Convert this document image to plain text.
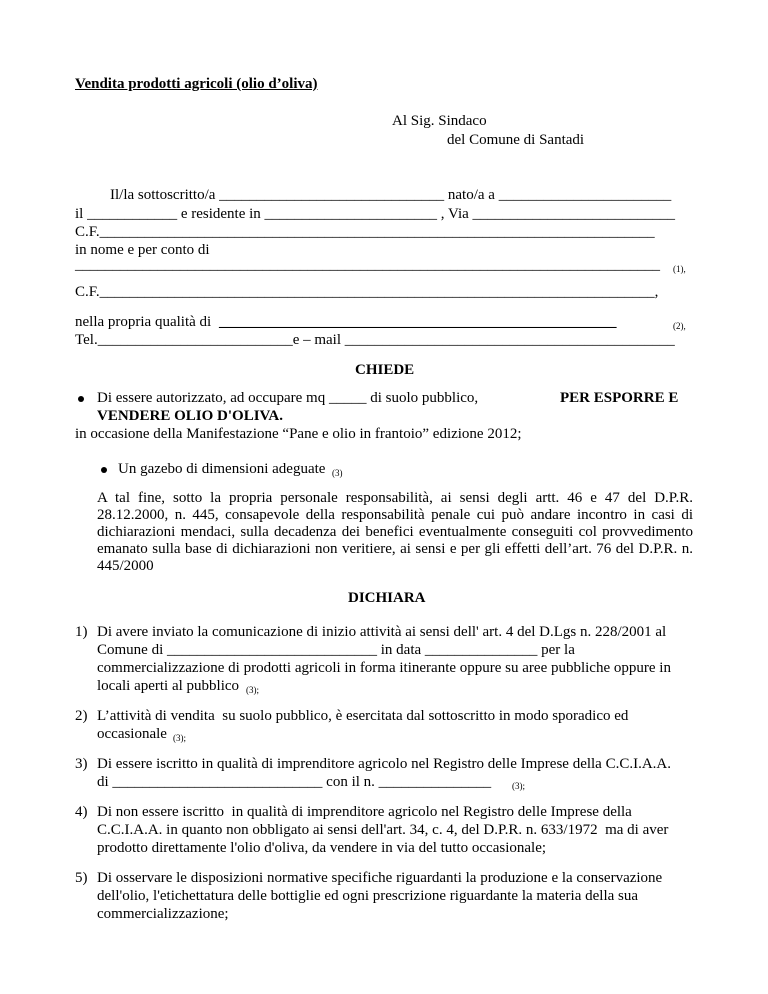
Vendita prodotti agricoli (olio d’oliva)
Al Sig. Sindaco
del Comune di Santadi
Il/la sottoscritto/a ______________________________ nato/a a _______________________
il ____________ e residente in _______________________ , Via ___________________________
C.F.__________________________________________________________________________
in nome e per conto di
______________________________________________________________________________ (1),
C.F.__________________________________________________________________________,
nella propria qualità di _____________________________________________________	(2),
Tel.__________________________e – mail ____________________________________________
CHIEDE
Di essere autorizzato, ad occupare mq _____ di suolo pubblico,	PER ESPORRE E
VENDERE OLIO D'OLIVA.
in occasione della Manifestazione “Pane e olio in frantoio” edizione 2012;
Un gazebo di dimensioni adeguate (3)
A tal fine, sotto la propria personale responsabilità, ai sensi degli artt. 46 e 47 del D.P.R. 28.12.2000, n. 445, consapevole della responsabilità penale cui può andare incontro in casi di dichiarazioni mendaci, sulla decadenza dei benefici eventualmente conseguiti col provvedimento emanato sulla base di dichiarazioni non veritiere, ai sensi e per gli effetti dell’art. 76 del D.P.R. n. 445/2000
DICHIARA
1) Di avere inviato la comunicazione di inizio attività ai sensi dell' art. 4 del D.Lgs n. 228/2001 al
Comune di ____________________________ in data _______________ per la
commercializzazione di prodotti agricoli in forma itinerante oppure su aree pubbliche oppure in
locali aperti al pubblico (3);
2) L’attività di vendita  su suolo pubblico, è esercitata dal sottoscritto in modo sporadico ed
occasionale (3);
3) Di essere iscritto in qualità di imprenditore agricolo nel Registro delle Imprese della C.C.I.A.A.
di ____________________________ con il n. _______________ (3);
4) Di non essere iscritto  in qualità di imprenditore agricolo nel Registro delle Imprese della
C.C.I.A.A. in quanto non obbligato ai sensi dell'art. 34, c. 4, del D.P.R. n. 633/1972  ma di aver
prodotto direttamente l'olio d'oliva, da vendere in via del tutto occasionale;
5) Di osservare le disposizioni normative specifiche riguardanti la produzione e la conservazione
dell'olio, l'etichettatura delle bottiglie ed ogni prescrizione riguardante la materia della sua
commercializzazione;
